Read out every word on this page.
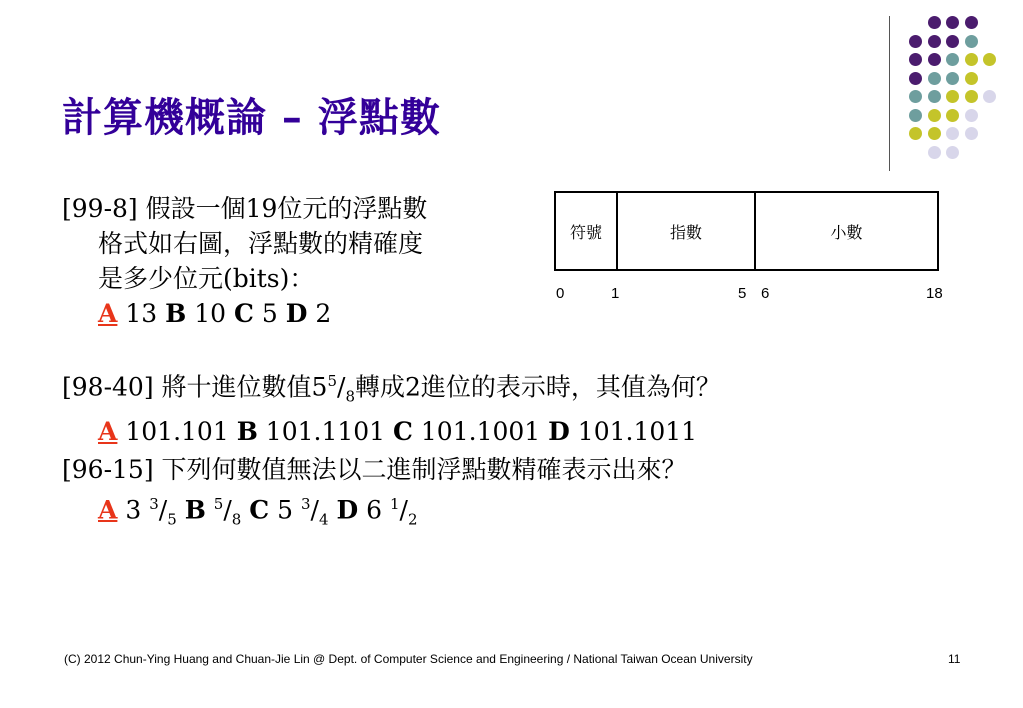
計算機概論 – 浮點數
[99-8] 假設一個19位元的浮點數
格式如右圖，浮點數的精確度
是多少位元(bits)：
A 13 B 10 C 5 D 2
符號	指數	小數
0	1	5 6	18
[98-40] 將十進位數值$5^5/_8$轉成2進位的表示時，其值為何？
A 101.101 B 101.1101 C 101.1001 D 101.1011
[96-15] 下列何數值無法以二進制浮點數精確表示出來？
A 3 $^3/_5$ B $^5/_8$ C 5 $^3/_4$ D 6 $^1/_2$
(C) 2012 Chun-Ying Huang and Chuan-Jie Lin @ Dept. of Computer Science and Engineering / National Taiwan Ocean University	11
